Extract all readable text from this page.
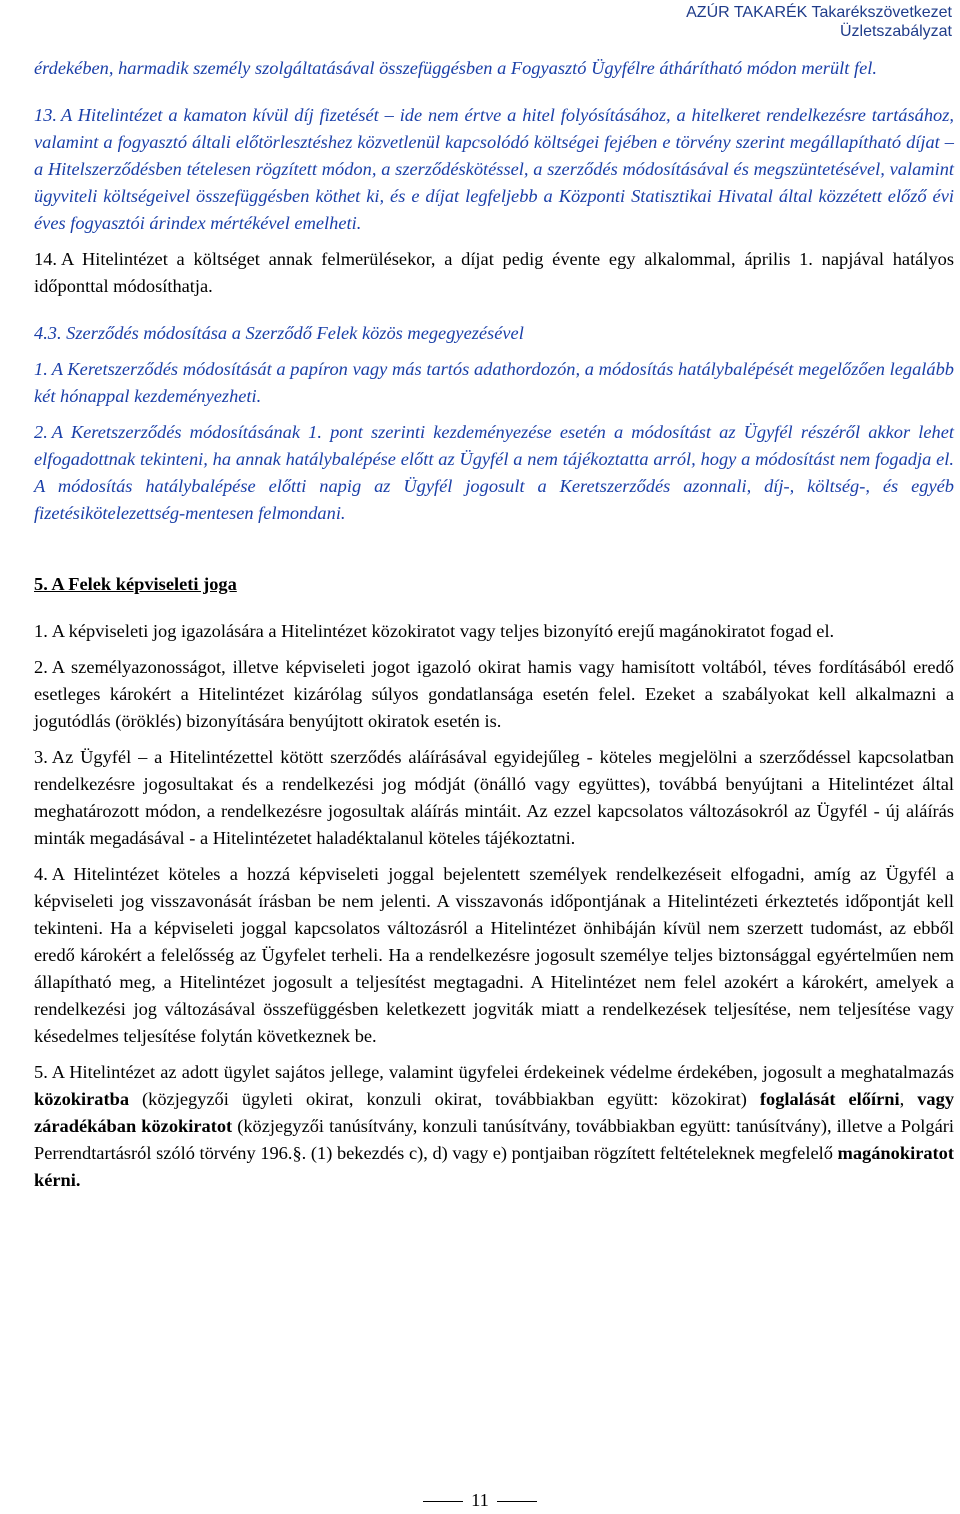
AZÚR TAKARÉK Takarékszövetkezet
Üzletszabályzat

érdekében, harmadik személy szolgáltatásával összefüggésben a Fogyasztó Ügyfélre áthárítható módon merült fel.

13. A Hitelintézet a kamaton kívül díj fizetését – ide nem értve a hitel folyósításához, a hitelkeret rendelkezésre tartásához, valamint a fogyasztó általi előtörlesztéshez közvetlenül kapcsolódó költségei fejében e törvény szerint megállapítható díjat – a Hitelszerződésben tételesen rögzített módon, a szerződéskötéssel, a szerződés módosításával és megszüntetésével, valamint ügyviteli költségeivel összefüggésben köthet ki, és e díjat legfeljebb a Központi Statisztikai Hivatal által közzétett előző évi éves fogyasztói árindex mértékével emelheti.

14. A Hitelintézet a költséget annak felmerülésekor, a díjat pedig évente egy alkalommal, április 1. napjával hatályos időponttal módosíthatja.

4.3. Szerződés módosítása a Szerződő Felek közös megegyezésével

1. A Keretszerződés módosítását a papíron vagy más tartós adathordozón, a módosítás hatálybalépését megelőzően legalább két hónappal kezdeményezheti.

2. A Keretszerződés módosításának 1. pont szerinti kezdeményezése esetén a módosítást az Ügyfél részéről akkor lehet elfogadottnak tekinteni, ha annak hatálybalépése előtt az Ügyfél a nem tájékoztatta arról, hogy a módosítást nem fogadja el. A módosítás hatálybalépése előtti napig az Ügyfél jogosult a Keretszerződés azonnali, díj-, költség-, és egyéb fizetésikötelezettség-mentesen felmondani.

5. A Felek képviseleti joga

1. A képviseleti jog igazolására a Hitelintézet közokiratot vagy teljes bizonyító erejű magánokiratot fogad el.

2. A személyazonosságot, illetve képviseleti jogot igazoló okirat hamis vagy hamisított voltából, téves fordításából eredő esetleges károkért a Hitelintézet kizárólag súlyos gondatlansága esetén felel. Ezeket a szabályokat kell alkalmazni a jogutódlás (öröklés) bizonyítására benyújtott okiratok esetén is.

3. Az Ügyfél – a Hitelintézettel kötött szerződés aláírásával egyidejűleg - köteles megjelölni a szerződéssel kapcsolatban rendelkezésre jogosultakat és a rendelkezési jog módját (önálló vagy együttes), továbbá benyújtani a Hitelintézet által meghatározott módon, a rendelkezésre jogosultak aláírás mintáit. Az ezzel kapcsolatos változásokról az Ügyfél - új aláírás minták megadásával - a Hitelintézetet haladéktalanul köteles tájékoztatni.

4. A Hitelintézet köteles a hozzá képviseleti joggal bejelentett személyek rendelkezéseit elfogadni, amíg az Ügyfél a képviseleti jog visszavonását írásban be nem jelenti. A visszavonás időpontjának a Hitelintézeti érkeztetés időpontját kell tekinteni. Ha a képviseleti joggal kapcsolatos változásról a Hitelintézet önhibáján kívül nem szerzett tudomást, az ebből eredő károkért a felelősség az Ügyfelet terheli. Ha a rendelkezésre jogosult személye teljes biztonsággal egyértelműen nem állapítható meg, a Hitelintézet jogosult a teljesítést megtagadni. A Hitelintézet nem felel azokért a károkért, amelyek a rendelkezési jog változásával összefüggésben keletkezett jogviták miatt a rendelkezések teljesítése, nem teljesítése vagy késedelmes teljesítése folytán következnek be.

5. A Hitelintézet az adott ügylet sajátos jellege, valamint ügyfelei érdekeinek védelme érdekében, jogosult a meghatalmazás közokiratba (közjegyzői ügyleti okirat, konzuli okirat, továbbiakban együtt: közokirat) foglalását előírni, vagy záradékában közokiratot (közjegyzői tanúsítvány, konzuli tanúsítvány, továbbiakban együtt: tanúsítvány), illetve a Polgári Perrendtartásról szóló törvény 196.§. (1) bekezdés c), d) vagy e) pontjaiban rögzített feltételeknek megfelelő magánokiratot kérni.

11
